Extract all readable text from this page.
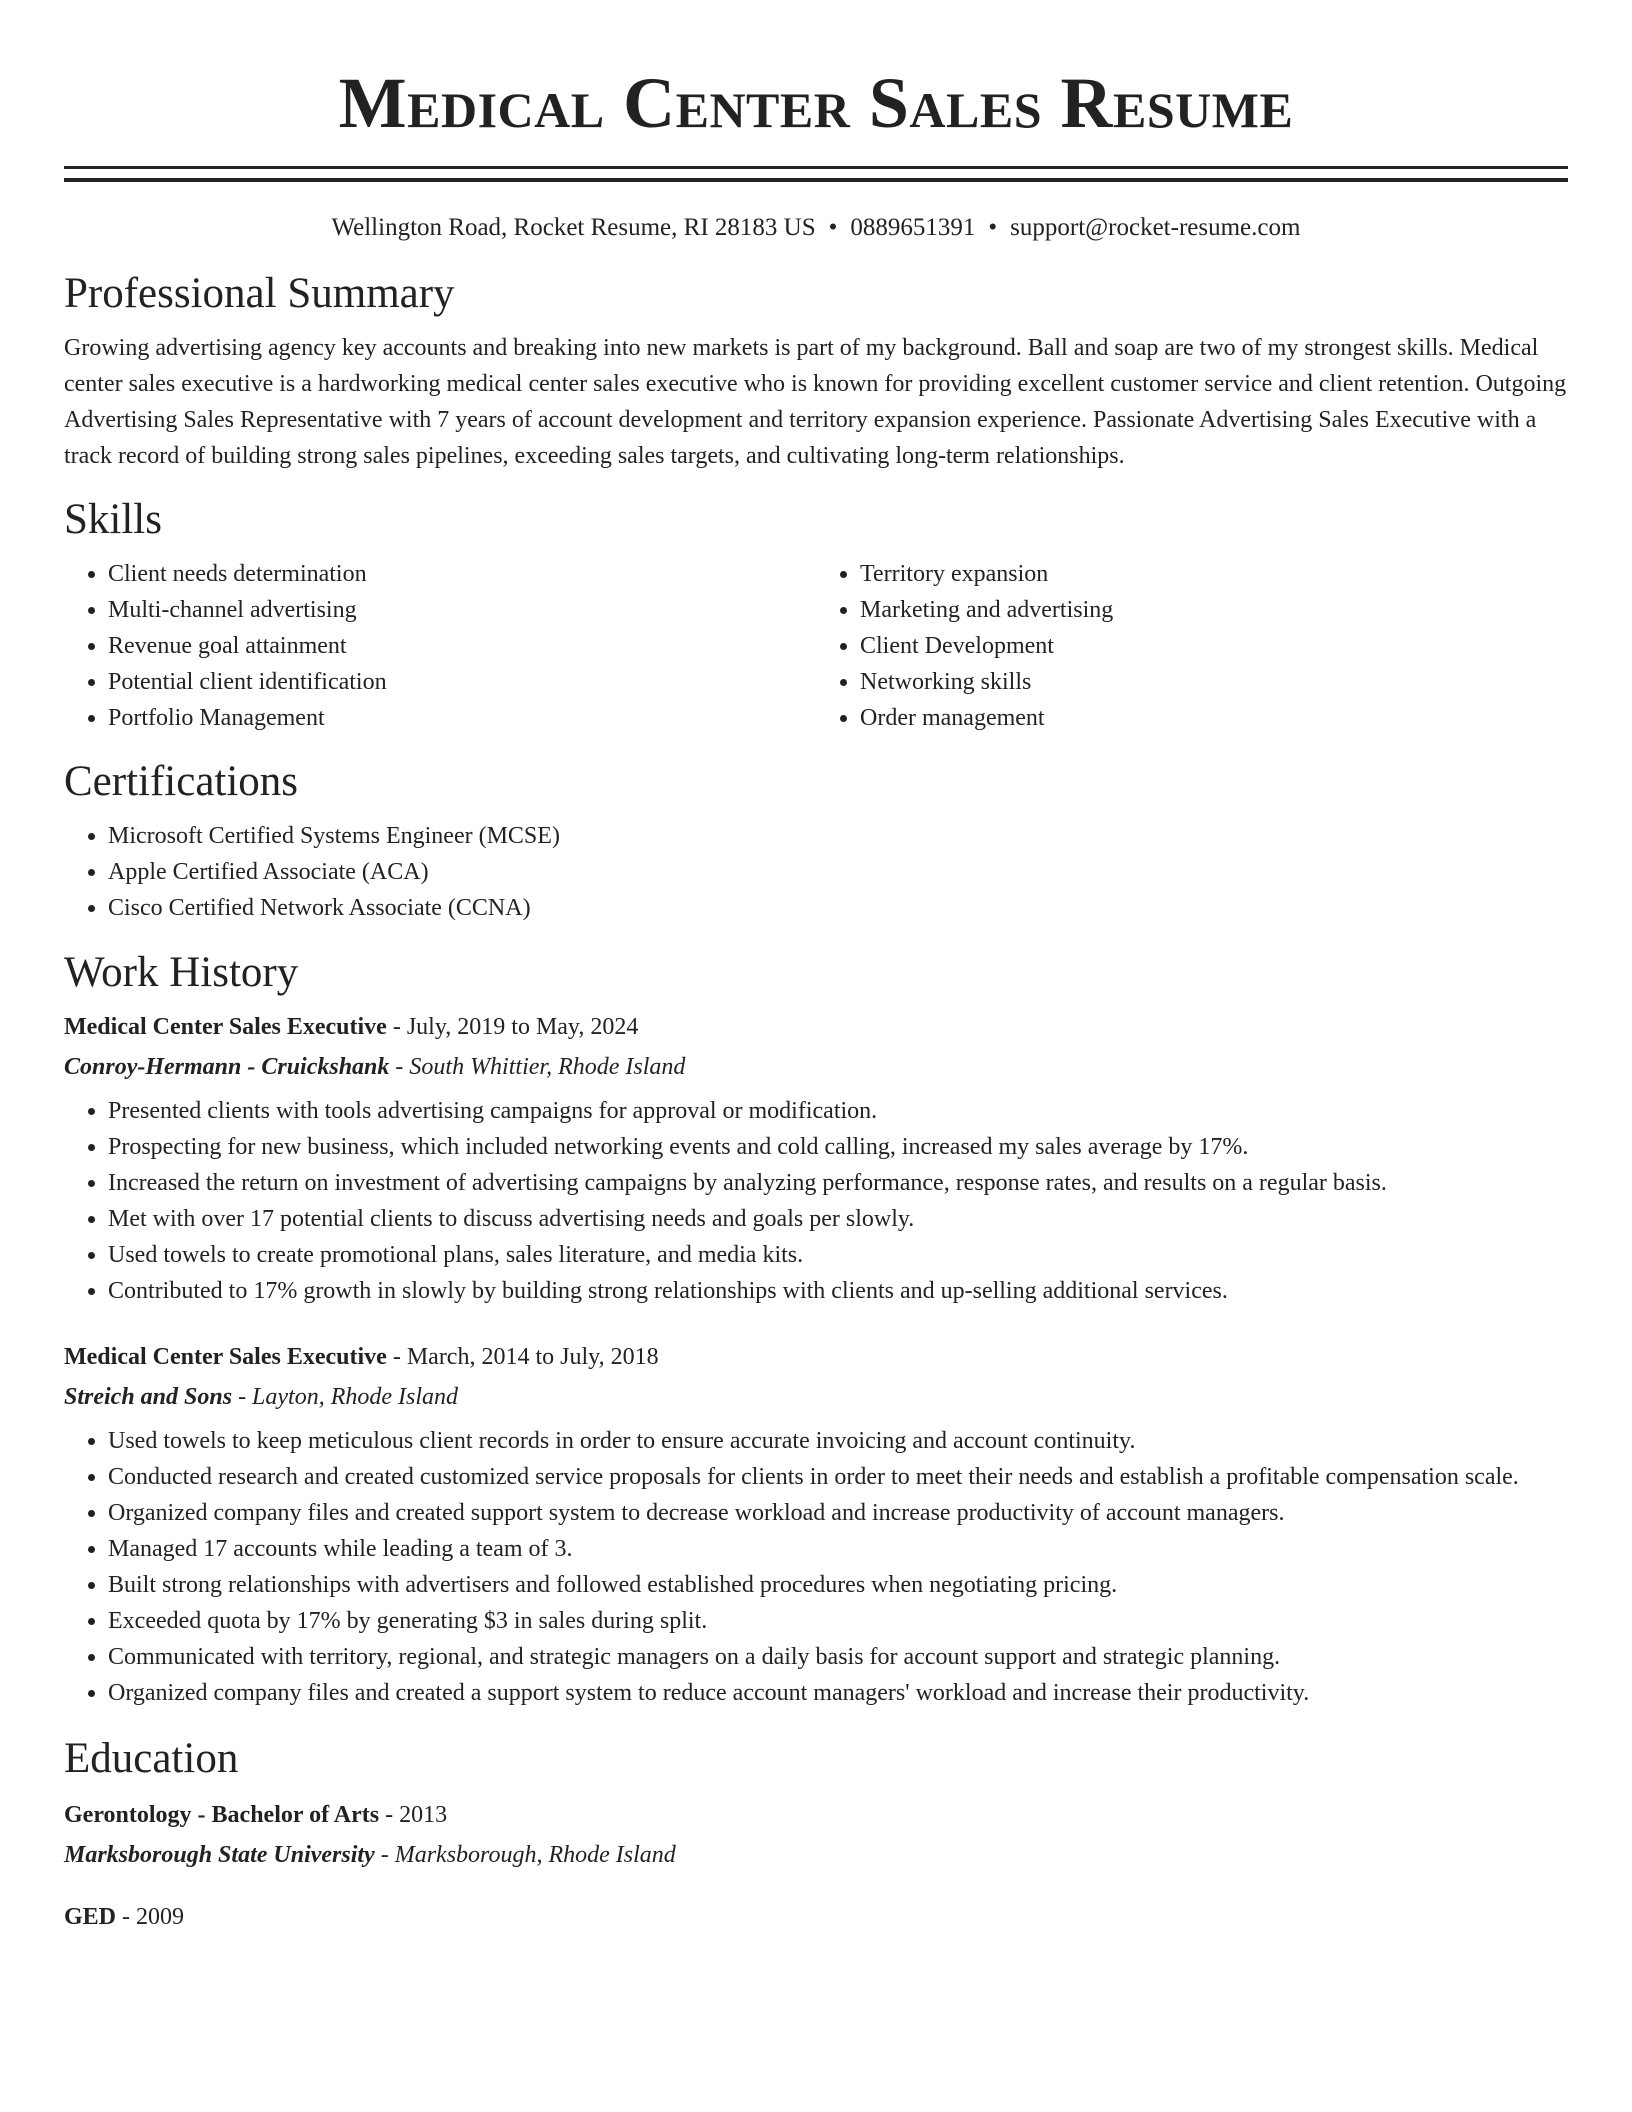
Medical Center Sales Resume
Wellington Road, Rocket Resume, RI 28183 US • 0889651391 • support@rocket-resume.com
Professional Summary

Growing advertising agency key accounts and breaking into new markets is part of my background. Ball and soap are two of my strongest skills. Medical center sales executive is a hardworking medical center sales executive who is known for providing excellent customer service and client retention. Outgoing Advertising Sales Representative with 7 years of account development and territory expansion experience. Passionate Advertising Sales Executive with a track record of building strong sales pipelines, exceeding sales targets, and cultivating long-term relationships.

Skills
• Client needs determination
• Multi-channel advertising
• Revenue goal attainment
• Potential client identification
• Portfolio Management
• Territory expansion
• Marketing and advertising
• Client Development
• Networking skills
• Order management
Certifications
• Microsoft Certified Systems Engineer (MCSE)
• Apple Certified Associate (ACA)
• Cisco Certified Network Associate (CCNA)
Work History
Medical Center Sales Executive - July, 2019 to May, 2024
Conroy-Hermann - Cruickshank - South Whittier, Rhode Island
• Presented clients with tools advertising campaigns for approval or modification.
• Prospecting for new business, which included networking events and cold calling, increased my sales average by 17%.
• Increased the return on investment of advertising campaigns by analyzing performance, response rates, and results on a regular basis.
• Met with over 17 potential clients to discuss advertising needs and goals per slowly.
• Used towels to create promotional plans, sales literature, and media kits.
• Contributed to 17% growth in slowly by building strong relationships with clients and up-selling additional services.
Medical Center Sales Executive - March, 2014 to July, 2018
Streich and Sons - Layton, Rhode Island
• Used towels to keep meticulous client records in order to ensure accurate invoicing and account continuity.
• Conducted research and created customized service proposals for clients in order to meet their needs and establish a profitable compensation scale.
• Organized company files and created support system to decrease workload and increase productivity of account managers.
• Managed 17 accounts while leading a team of 3.
• Built strong relationships with advertisers and followed established procedures when negotiating pricing.
• Exceeded quota by 17% by generating $3 in sales during split.
• Communicated with territory, regional, and strategic managers on a daily basis for account support and strategic planning.
• Organized company files and created a support system to reduce account managers' workload and increase their productivity.
Education
Gerontology - Bachelor of Arts - 2013
Marksborough State University - Marksborough, Rhode Island
GED - 2009
